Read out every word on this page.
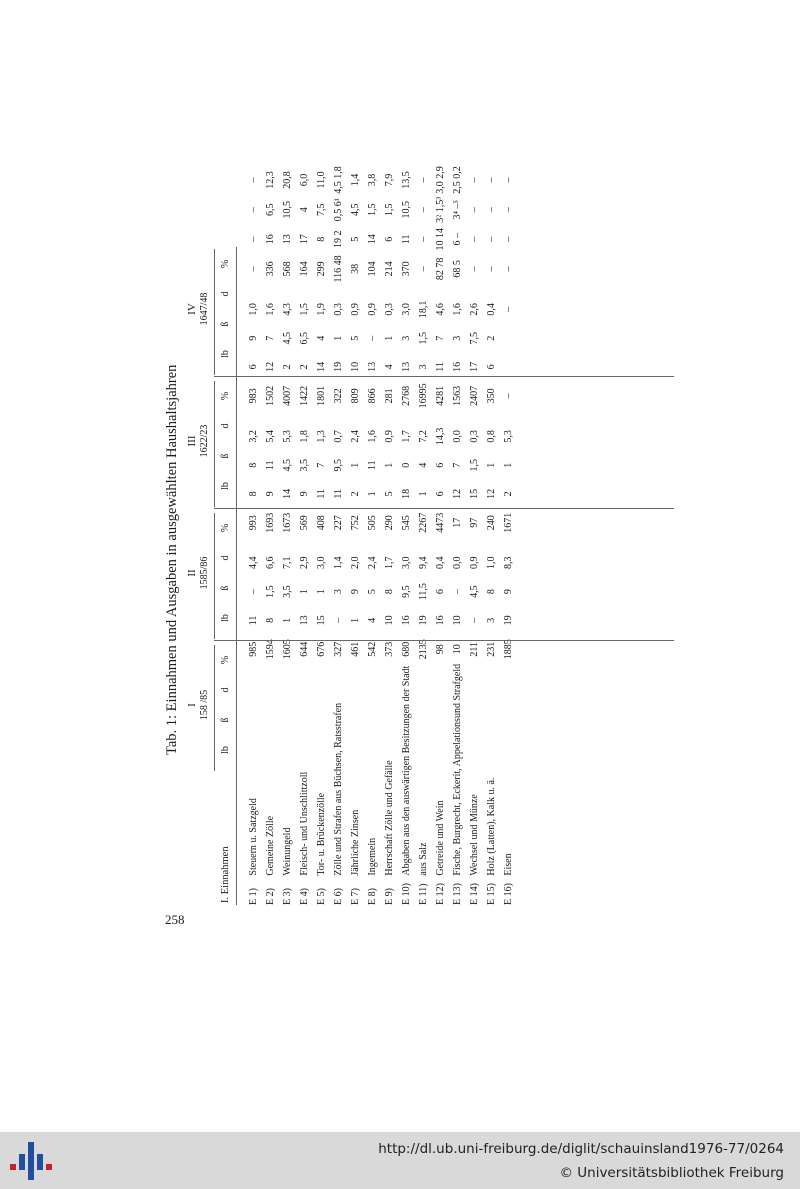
258
Tab. 1: Einnahmen und Ausgaben in ausgewählten Haushaltsjahren I 158 /85
II 1585/86
III 1622/23
IV 1647/48
I. Einnahmen
lb
ß
d
%
lb
ß
d
%
lb
ß
d
%
lb
ß
d
%
E 1)	Steuern u. Satzgeld	985	11	–	4,4		993	8	8	3,2		983	6	9	1,0		–	–	–	–
E 2)	Gemeine Zölle	1594	8	1,5	6,6		1693	9	11	5,4		1502	12	7	1,6		336	16	6,5	12,3
E 3)	Weinungeld	1605	1	3,5	7,1		1673	14	4,5	5,3		4007	2	4,5	4,3		568	13	10,5	20,8
E 4)	Fleisch- und Unschlittzoll	644	13	1	2,9		569	9	3,5	1,8		1422	2	6,5	1,5		164	17	4	6,0
E 5)	Tor- u. Brückenzölle	676	15	1	3,0		408	11	7	1,3		1801	14	4	1,9		299	8	7,5	11,0
E 6)	Zölle und Strafen aus Büchsen, Ratsstrafen	327	–	3	1,4		227	11	9,5	0,7		322	19	1	0,3		116 48	19 2	0,5 6¹	4,5 1,8
E 7)	Jährliche Zinsen	461	1	9	2,0		752	2	1	2,4		809	10	5	0,9		38	5	4,5	1,4
E 8)	Ingemein	542	4	5	2,4		505	1	11	1,6		866	13	–	0,9		104	14	1,5	3,8
E 9)	Herrschaft Zölle und Gefälle	373	10	8	1,7		290	5	1	0,9		281	4	1	0,3		214	6	1,5	7,9
E 10)	Abgaben aus den auswärtigen Besitzungen der Stadt	680	16	9,5	3,0		545	18	0	1,7		2768	13	3	3,0		370	11	10,5	13,5
E 11)	aus Salz	2135	19	11,5	9,4		2267	1	4	7,2		16995	3	1,5	18,1		–	–	–	–
E 12)	Getreide und Wein	98	16	6	0,4		4473	6	6	14,3		4281	11	7	4,6		82 78	10 14	3² 1,5³	3,0 2,9
E 13)	Fische, Burgrecht, Eckerit, Appelationsund Strafgeld	10	10	–	0,0		17	12	7	0,0		1563	16	3	1,6		68 5	6 –	3⁴ –⁵	2,5 0,2
E 14)	Wechsel und Münze	211	–	4,5	0,9		97	15	1,5	0,3		2407	17	7,5	2,6		–	–	–	–
E 15)	Holz (Latten), Kalk u. ä.	231	3	8	1,0		240	12	1	0,8		350	6	2	0,4		–	–	–	–
E 16)	Eisen	1885	19	9	8,3		1671	2	1	5,3		–			–		–	–	–	–
http://dl.ub.uni-freiburg.de/diglit/schauinsland1976-77/0264
© Universitätsbibliothek Freiburg
